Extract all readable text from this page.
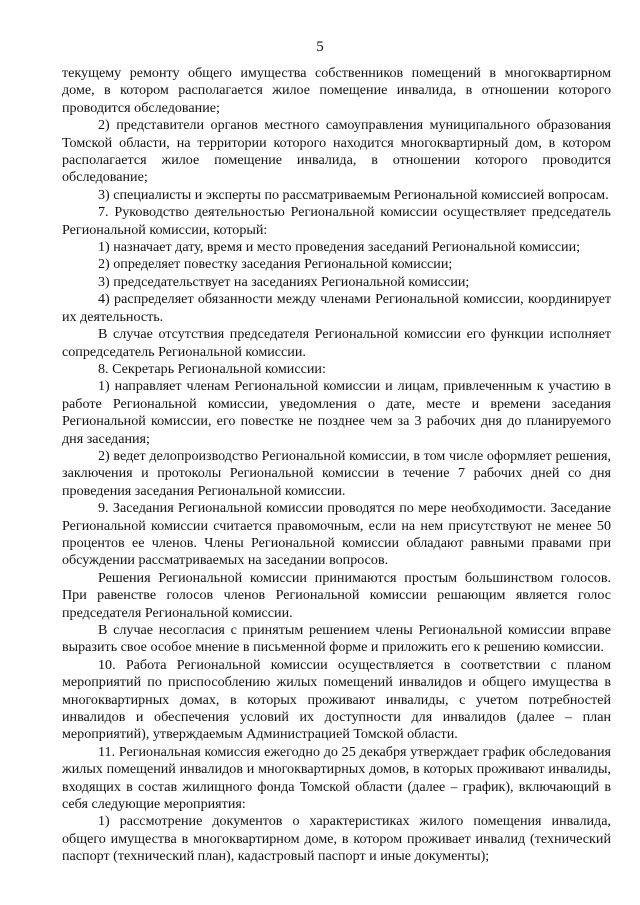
5

текущему ремонту общего имущества собственников помещений в многоквартирном доме, в котором располагается жилое помещение инвалида, в отношении которого проводится обследование;

2) представители органов местного самоуправления муниципального образования Томской области, на территории которого находится многоквартирный дом, в котором располагается жилое помещение инвалида, в отношении которого проводится обследование;

3) специалисты и эксперты по рассматриваемым Региональной комиссией вопросам.

7. Руководство деятельностью Региональной комиссии осуществляет председатель Региональной комиссии, который:

1) назначает дату, время и место проведения заседаний Региональной комиссии;

2) определяет повестку заседания Региональной комиссии;

3) председательствует на заседаниях Региональной комиссии;

4) распределяет обязанности между членами Региональной комиссии, координирует их деятельность.

В случае отсутствия председателя Региональной комиссии его функции исполняет сопредседатель Региональной комиссии.

8. Секретарь Региональной комиссии:

1) направляет членам Региональной комиссии и лицам, привлеченным к участию в работе Региональной комиссии, уведомления о дате, месте и времени заседания Региональной комиссии, его повестке не позднее чем за 3 рабочих дня до планируемого дня заседания;

2) ведет делопроизводство Региональной комиссии, в том числе оформляет решения, заключения и протоколы Региональной комиссии в течение 7 рабочих дней со дня проведения заседания Региональной комиссии.

9. Заседания Региональной комиссии проводятся по мере необходимости. Заседание Региональной комиссии считается правомочным, если на нем присутствуют не менее 50 процентов ее членов. Члены Региональной комиссии обладают равными правами при обсуждении рассматриваемых на заседании вопросов.

Решения Региональной комиссии принимаются простым большинством голосов. При равенстве голосов членов Региональной комиссии решающим является голос председателя Региональной комиссии.

В случае несогласия с принятым решением члены Региональной комиссии вправе выразить свое особое мнение в письменной форме и приложить его к решению комиссии.

10. Работа Региональной комиссии осуществляется в соответствии с планом мероприятий по приспособлению жилых помещений инвалидов и общего имущества в многоквартирных домах, в которых проживают инвалиды, с учетом потребностей инвалидов и обеспечения условий их доступности для инвалидов (далее – план мероприятий), утверждаемым Администрацией Томской области.

11. Региональная комиссия ежегодно до 25 декабря утверждает график обследования жилых помещений инвалидов и многоквартирных домов, в которых проживают инвалиды, входящих в состав жилищного фонда Томской области (далее – график), включающий в себя следующие мероприятия:

1) рассмотрение документов о характеристиках жилого помещения инвалида, общего имущества в многоквартирном доме, в котором проживает инвалид (технический паспорт (технический план), кадастровый паспорт и иные документы);
